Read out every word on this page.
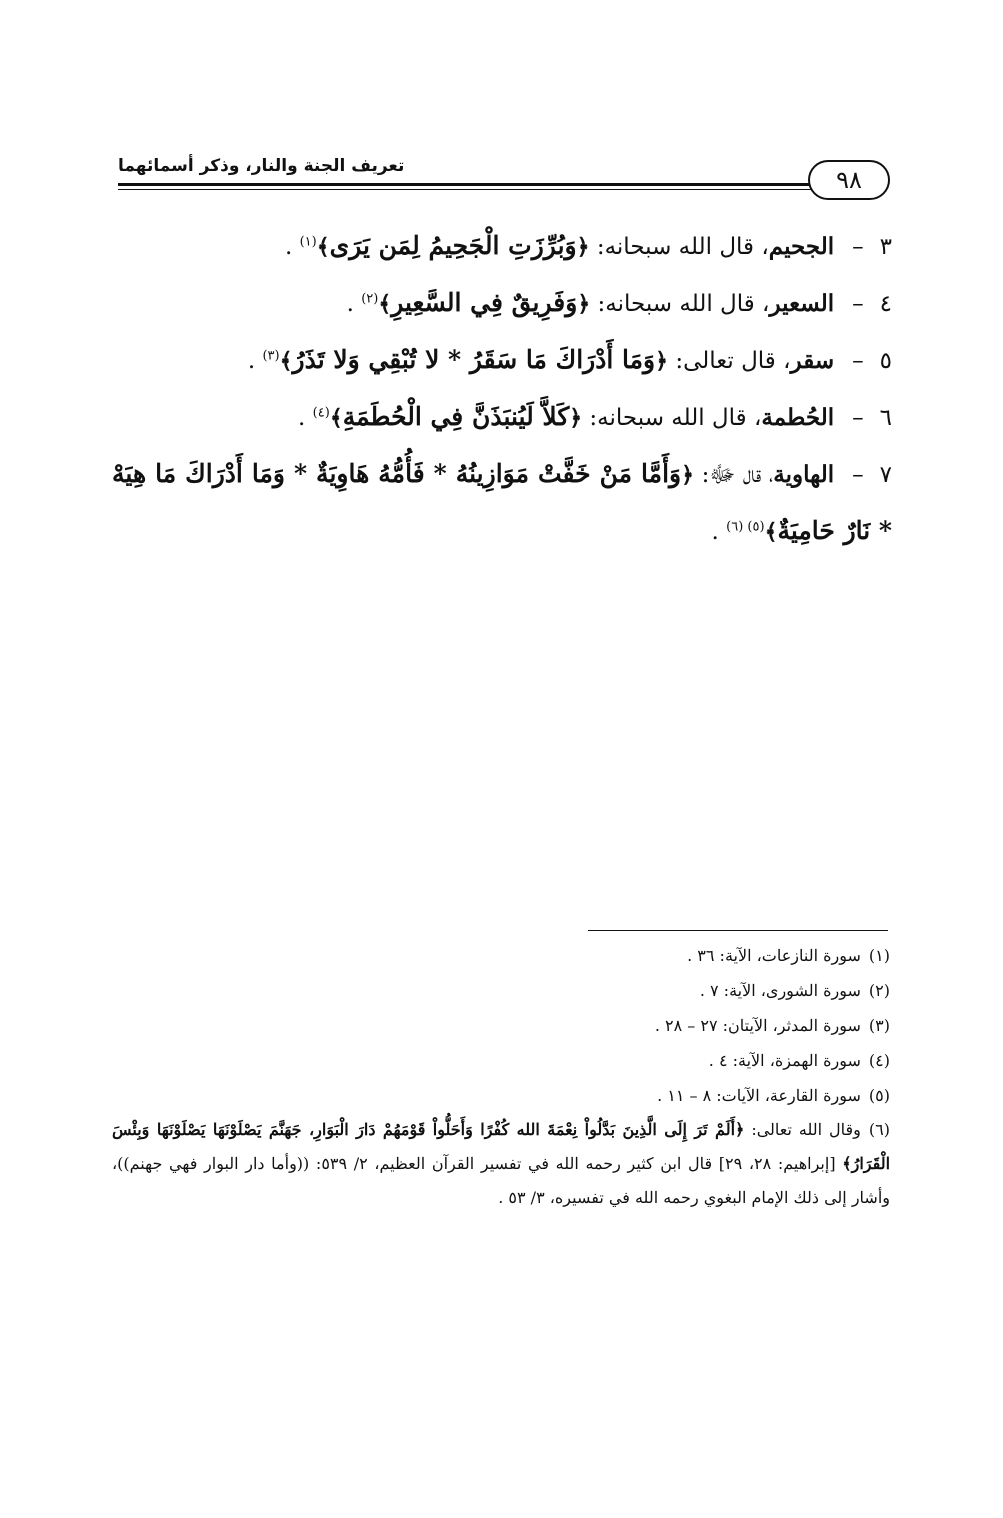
تعريف الجنة والنار، وذكر أسمائهما	٩٨
٣–الجحيم، قال الله سبحانه: ﴿وَبُرِّزَتِ الْجَحِيمُ لِمَن يَرَى﴾$^{(١)}$ .
٤–السعير، قال الله سبحانه: ﴿وَفَرِيقٌ فِي السَّعِيرِ﴾$^{(٢)}$ .
٥–سقر، قال تعالى: ﴿وَمَا أَدْرَاكَ مَا سَقَرُ * لا تُبْقِي وَلا تَذَرُ﴾$^{(٣)}$ .
٦–الحُطمة، قال الله سبحانه: ﴿كَلاَّ لَيُنبَذَنَّ فِي الْحُطَمَةِ﴾$^{(٤)}$ .
٧–الهاوية، قال ﷻ: ﴿وَأَمَّا مَنْ خَفَّتْ مَوَازِينُهُ * فَأُمُّهُ هَاوِيَةٌ * وَمَا أَدْرَاكَ مَا هِيَهْ * نَارٌ حَامِيَةٌ﴾$^{(٥) (٦)}$ .
(١)سورة النازعات، الآية: ٣٦ .
(٢)سورة الشورى، الآية: ٧ .
(٣)سورة المدثر، الآيتان: ٢٧ – ٢٨ .
(٤)سورة الهمزة، الآية: ٤ .
(٥)سورة القارعة، الآيات: ٨ – ١١ .
(٦)وقال الله تعالى: ﴿أَلَمْ تَرَ إِلَى الَّذِينَ بَدَّلُواْ نِعْمَةَ الله كُفْرًا وَأَحَلُّواْ قَوْمَهُمْ دَارَ الْبَوَارِ، جَهَنَّمَ يَصْلَوْنَهَا يَصْلَوْنَهَا وَبِئْسَ الْقَرَارُ﴾ [إبراهيم: ٢٨، ٢٩] قال ابن كثير رحمه الله في تفسير القرآن العظيم، ٢/ ٥٣٩: ((وأما دار البوار فهي جهنم))، وأشار إلى ذلك الإمام البغوي رحمه الله في تفسيره، ٣/ ٥٣ .
